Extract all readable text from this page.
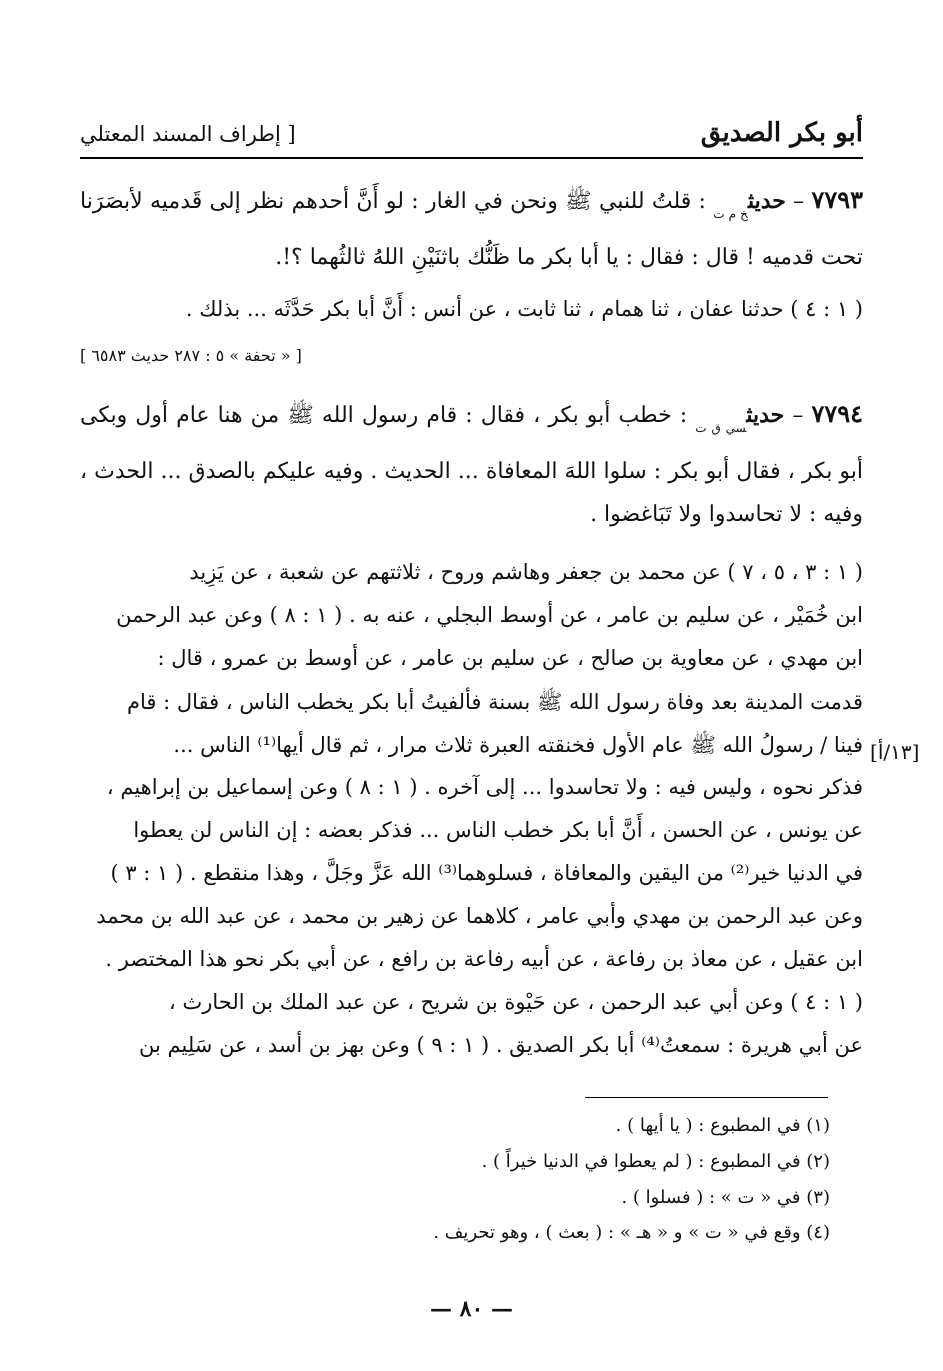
أبو بكر الصديق
[ إطراف المسند المعتلي
٧٧٩٣ – حديث$_{خ م ت}$ : قلتُ للنبي ﷺ ونحن في الغار : لو أَنَّ أحدهم نظر إلى قَدميه لأبصَرَنا تحت قدميه ! قال : فقال : يا أبا بكر ما ظَنُّك باثنَيْنِ اللهُ ثالثُهما ؟!.
( ١ : ٤ ) حدثنا عفان ، ثنا همام ، ثنا ثابت ، عن أنس : أَنَّ أبا بكر حَدَّثَه ... بذلك .
[ « تحفة » ٥ : ٢٨٧ حديث ٦٥٨٣ ]
٧٧٩٤ – حديث$_{سي ق ت}$ : خطب أبو بكر ، فقال : قام رسول الله ﷺ من هنا عام أول وبكى أبو بكر ، فقال أبو بكر : سلوا اللهَ المعافاة ... الحديث . وفيه عليكم بالصدق ... الحدث ، وفيه : لا تحاسدوا ولا تَبَاغضوا .
( ١ : ٣ ، ٥ ، ٧ ) عن محمد بن جعفر وهاشم وروح ، ثلاثتهم عن شعبة ، عن يَزِيد
ابن خُمَيْر ، عن سليم بن عامر ، عن أوسط البجلي ، عنه به . ( ١ : ٨ ) وعن عبد الرحمن
ابن مهدي ، عن معاوية بن صالح ، عن سليم بن عامر ، عن أوسط بن عمرو ، قال :
قدمت المدينة بعد وفاة رسول الله ﷺ بسنة فألفيتُ أبا بكر يخطب الناس ، فقال : قام
فينا / رسولُ الله ﷺ عام الأول فخنقته العبرة ثلاث مرار ، ثم قال أيها⁽¹⁾ الناس ...
فذكر نحوه ، وليس فيه : ولا تحاسدوا ... إلى آخره . ( ١ : ٨ ) وعن إسماعيل بن إبراهيم ،
عن يونس ، عن الحسن ، أَنَّ أبا بكر خطب الناس ... فذكر بعضه : إن الناس لن يعطوا
في الدنيا خير⁽²⁾ من اليقين والمعافاة ، فسلوهما⁽³⁾ الله عَزَّ وجَلَّ ، وهذا منقطع . ( ١ : ٣ )
وعن عبد الرحمن بن مهدي وأبي عامر ، كلاهما عن زهير بن محمد ، عن عبد الله بن محمد
ابن عقيل ، عن معاذ بن رفاعة ، عن أبيه رفاعة بن رافع ، عن أبي بكر نحو هذا المختصر .
( ١ : ٤ ) وعن أبي عبد الرحمن ، عن حَيْوة بن شريح ، عن عبد الملك بن الحارث ،
عن أبي هريرة : سمعتُ⁽⁴⁾ أبا بكر الصديق . ( ١ : ٩ ) وعن بهز بن أسد ، عن سَلِيم بن
[١٣/أ]
(١) في المطبوع : ( يا أيها ) .
(٢) في المطبوع : ( لم يعطوا في الدنيا خيراً ) .
(٣) في « ت » : ( فسلوا ) .
(٤) وقع في « ت » و « هـ » : ( بعث ) ، وهو تحريف .
— ٨٠ —
